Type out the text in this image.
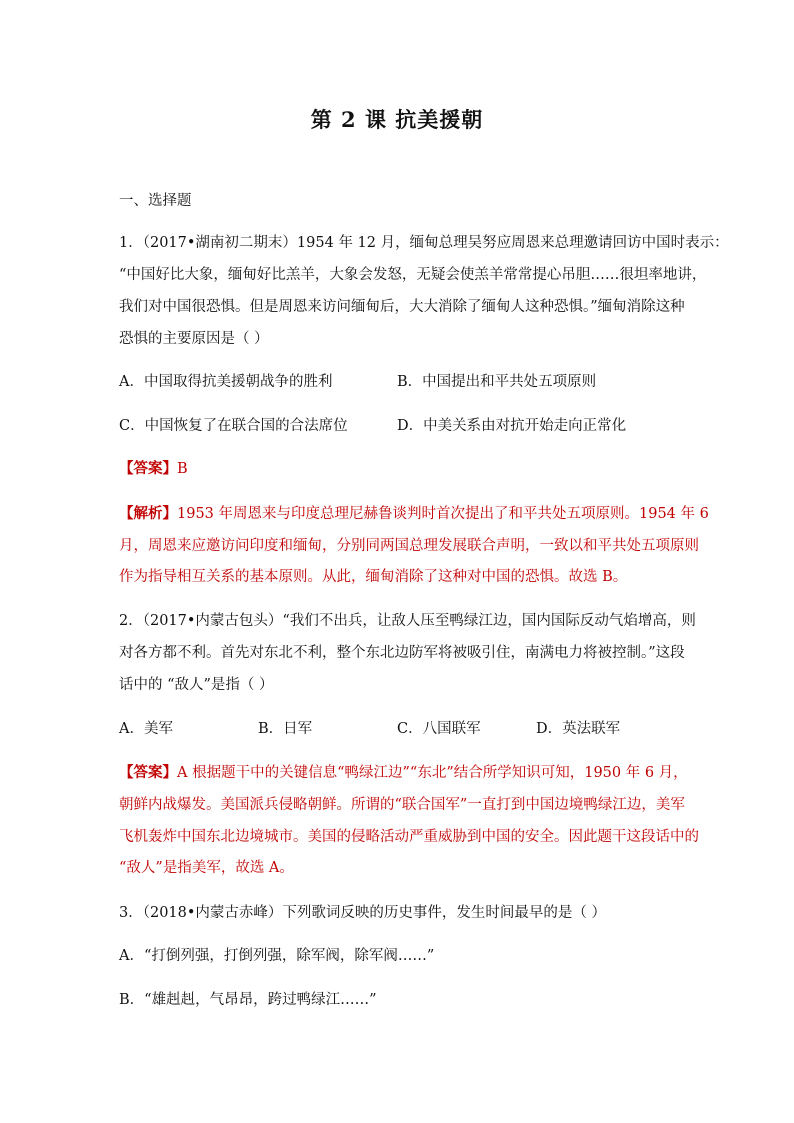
第 2 课 抗美援朝
一、选择题
1．（2017•湖南初二期末）1954 年 12 月，缅甸总理吴努应周恩来总理邀请回访中国时表示：
“中国好比大象，缅甸好比羔羊，大象会发怒，无疑会使羔羊常常提心吊胆……很坦率地讲，
我们对中国很恐惧。但是周恩来访问缅甸后，大大消除了缅甸人这种恐惧。”缅甸消除这种
恐惧的主要原因是（ ）
A．中国取得抗美援朝战争的胜利	B．中国提出和平共处五项原则
C．中国恢复了在联合国的合法席位	D．中美关系由对抗开始走向正常化
【答案】B
【解析】1953 年周恩来与印度总理尼赫鲁谈判时首次提出了和平共处五项原则。1954 年 6
月，周恩来应邀访问印度和缅甸，分别同两国总理发展联合声明，一致以和平共处五项原则
作为指导相互关系的基本原则。从此，缅甸消除了这种对中国的恐惧。故选 B。
2．（2017•内蒙古包头）“我们不出兵，让敌人压至鸭绿江边，国内国际反动气焰增高，则
对各方都不利。首先对东北不利，整个东北边防军将被吸引住，南满电力将被控制。”这段
话中的 “敌人”是指（ ）
A．美军	B．日军	C．八国联军	D．英法联军
【答案】A 根据题干中的关键信息“鸭绿江边”“东北”结合所学知识可知，1950 年 6 月，
朝鲜内战爆发。美国派兵侵略朝鲜。所谓的“联合国军”一直打到中国边境鸭绿江边，美军
飞机轰炸中国东北边境城市。美国的侵略活动严重威胁到中国的安全。因此题干这段话中的
“敌人”是指美军，故选 A。
3．（2018•内蒙古赤峰）下列歌词反映的历史事件，发生时间最早的是（ ）
A．“打倒列强，打倒列强，除军阀，除军阀……”
B．“雄赳赳，气昂昂，跨过鸭绿江……”
